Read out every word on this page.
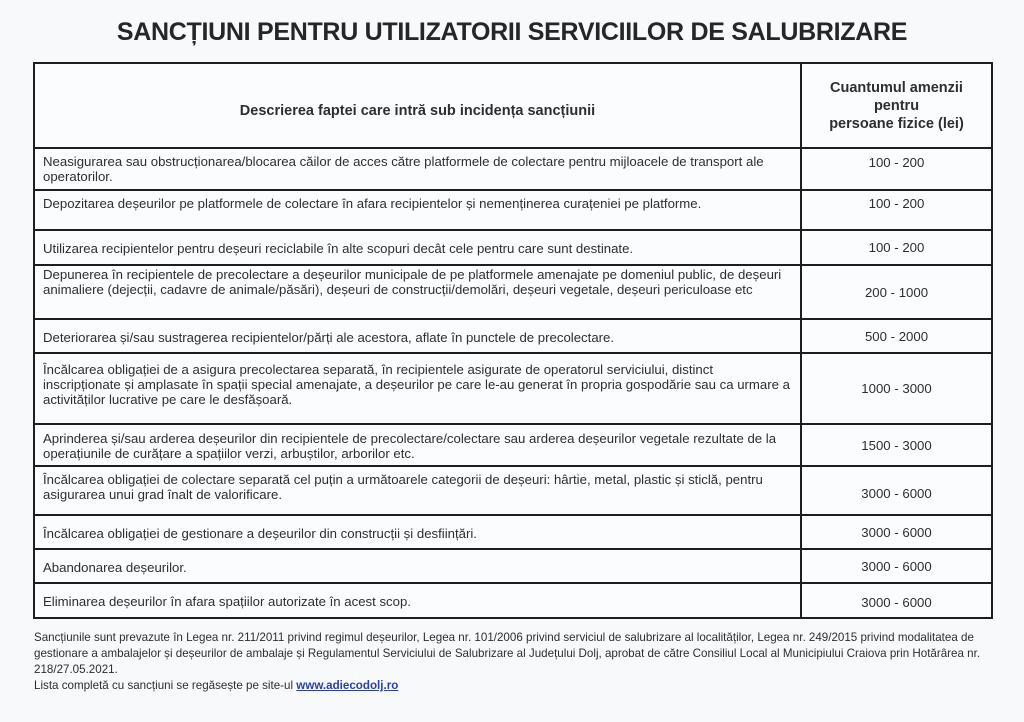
SANCȚIUNI PENTRU UTILIZATORII SERVICIILOR DE SALUBRIZARE
Descrierea faptei care intră sub incidența sancțiunii	Cuantumul amenzii
pentru
persoane fizice (lei)

Neasigurarea sau obstrucționarea/blocarea căilor de acces către platformele de colectare pentru mijloacele de transport ale operatorilor.	100 - 200
Depozitarea deșeurilor pe platformele de colectare în afara recipientelor și nemenținerea curațeniei pe platforme.	100 - 200
Utilizarea recipientelor pentru deșeuri reciclabile în alte scopuri decât cele pentru care sunt destinate.	100 - 200
Depunerea în recipientele de precolectare a deșeurilor municipale de pe platformele amenajate pe domeniul public, de deșeuri animaliere (dejecții, cadavre de animale/păsări), deșeuri de construcții/demolări, deșeuri vegetale, deșeuri periculoase etc	200 - 1000
Deteriorarea și/sau sustragerea recipientelor/părți ale acestora, aflate în punctele de precolectare.	500 - 2000
Încălcarea obligației de a asigura precolectarea separată, în recipientele asigurate de operatorul serviciului, distinct inscripționate și amplasate în spații special amenajate, a deșeurilor pe care le-au generat în propria gospodărie sau ca urmare a activităților lucrative pe care le desfășoară.	1000 - 3000
Aprinderea și/sau arderea deșeurilor din recipientele de precolectare/colectare sau arderea deșeurilor vegetale rezultate de la operațiunile de curățare a spațiilor verzi, arbuștilor, arborilor etc.	1500 - 3000
Încălcarea obligației de colectare separată cel puțin a următoarele categorii de deșeuri: hârtie, metal, plastic și sticlă, pentru asigurarea unui grad înalt de valorificare.	3000 - 6000
Încălcarea obligației de gestionare a deșeurilor din construcții și desființări.	3000 - 6000
Abandonarea deșeurilor.	3000 - 6000
Eliminarea deșeurilor în afara spațiilor autorizate în acest scop.	3000 - 6000
Sancțiunile sunt prevazute în Legea nr. 211/2011 privind regimul deșeurilor, Legea nr. 101/2006 privind serviciul de salubrizare al localităților, Legea nr. 249/2015 privind modalitatea de gestionare a ambalajelor și deșeurilor de ambalaje și Regulamentul Serviciului de Salubrizare al Județului Dolj, aprobat de către Consiliul Local al Municipiului Craiova prin Hotărârea nr. 218/27.05.2021.
Lista completă cu sancțiuni se regăsește pe site-ul www.adiecodolj.ro
